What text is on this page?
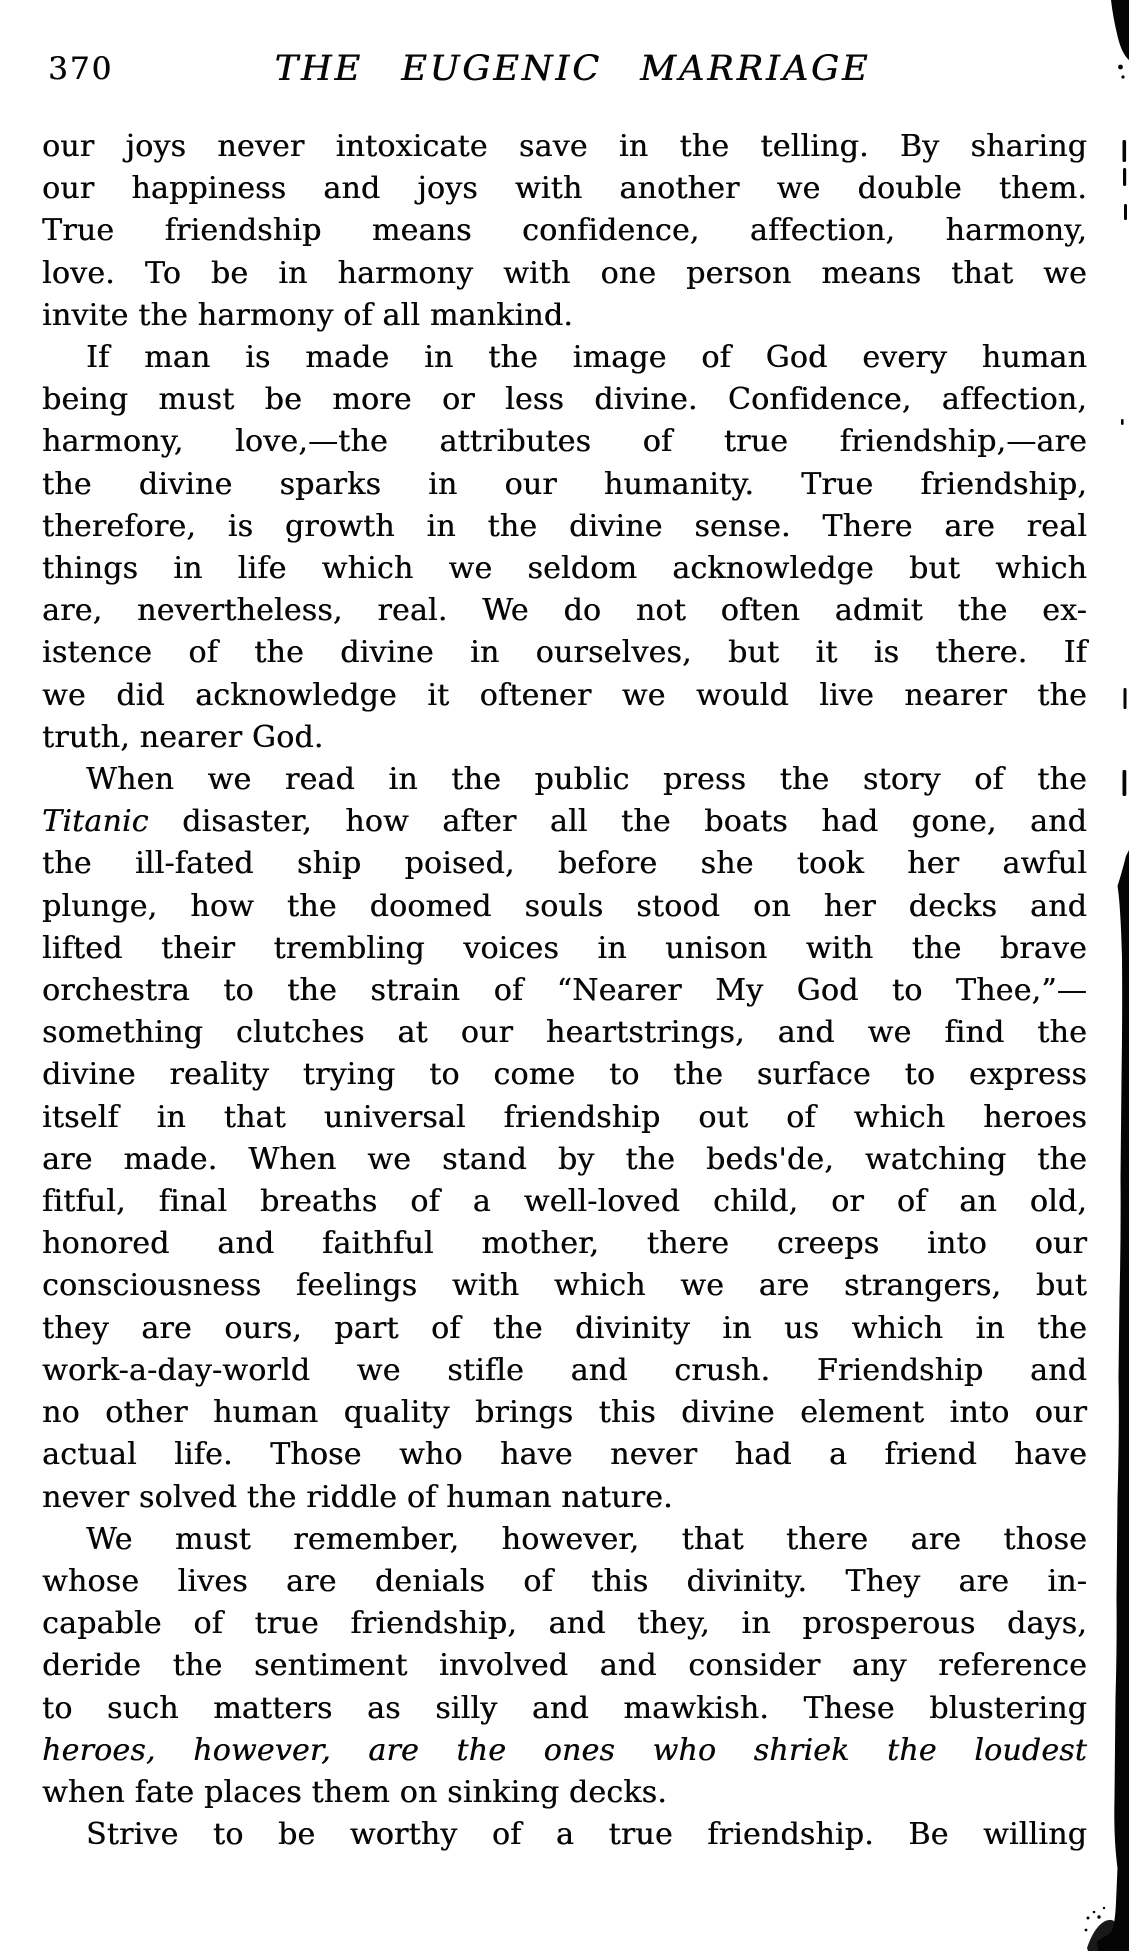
370	THE EUGENIC MARRIAGE
our joys never intoxicate save in the telling. By sharing
our happiness and joys with another we double them.
True friendship means confidence, affection, harmony,
love. To be in harmony with one person means that we
invite the harmony of all mankind.
If man is made in the image of God every human
being must be more or less divine. Confidence, affection,
harmony, love,—the attributes of true friendship,—are
the divine sparks in our humanity. True friendship,
therefore, is growth in the divine sense. There are real
things in life which we seldom acknowledge but which
are, nevertheless, real. We do not often admit the ex-
istence of the divine in ourselves, but it is there. If
we did acknowledge it oftener we would live nearer the
truth, nearer God.
When we read in the public press the story of the
Titanic disaster, how after all the boats had gone, and
the ill-fated ship poised, before she took her awful
plunge, how the doomed souls stood on her decks and
lifted their trembling voices in unison with the brave
orchestra to the strain of “Nearer My God to Thee,”—
something clutches at our heartstrings, and we find the
divine reality trying to come to the surface to express
itself in that universal friendship out of which heroes
are made. When we stand by the beds'de, watching the
fitful, final breaths of a well-loved child, or of an old,
honored and faithful mother, there creeps into our
consciousness feelings with which we are strangers, but
they are ours, part of the divinity in us which in the
work-a-day-world we stifle and crush. Friendship and
no other human quality brings this divine element into our
actual life. Those who have never had a friend have
never solved the riddle of human nature.
We must remember, however, that there are those
whose lives are denials of this divinity. They are in-
capable of true friendship, and they, in prosperous days,
deride the sentiment involved and consider any reference
to such matters as silly and mawkish. These blustering
heroes, however, are the ones who shriek the loudest
when fate places them on sinking decks.
Strive to be worthy of a true friendship. Be willing
